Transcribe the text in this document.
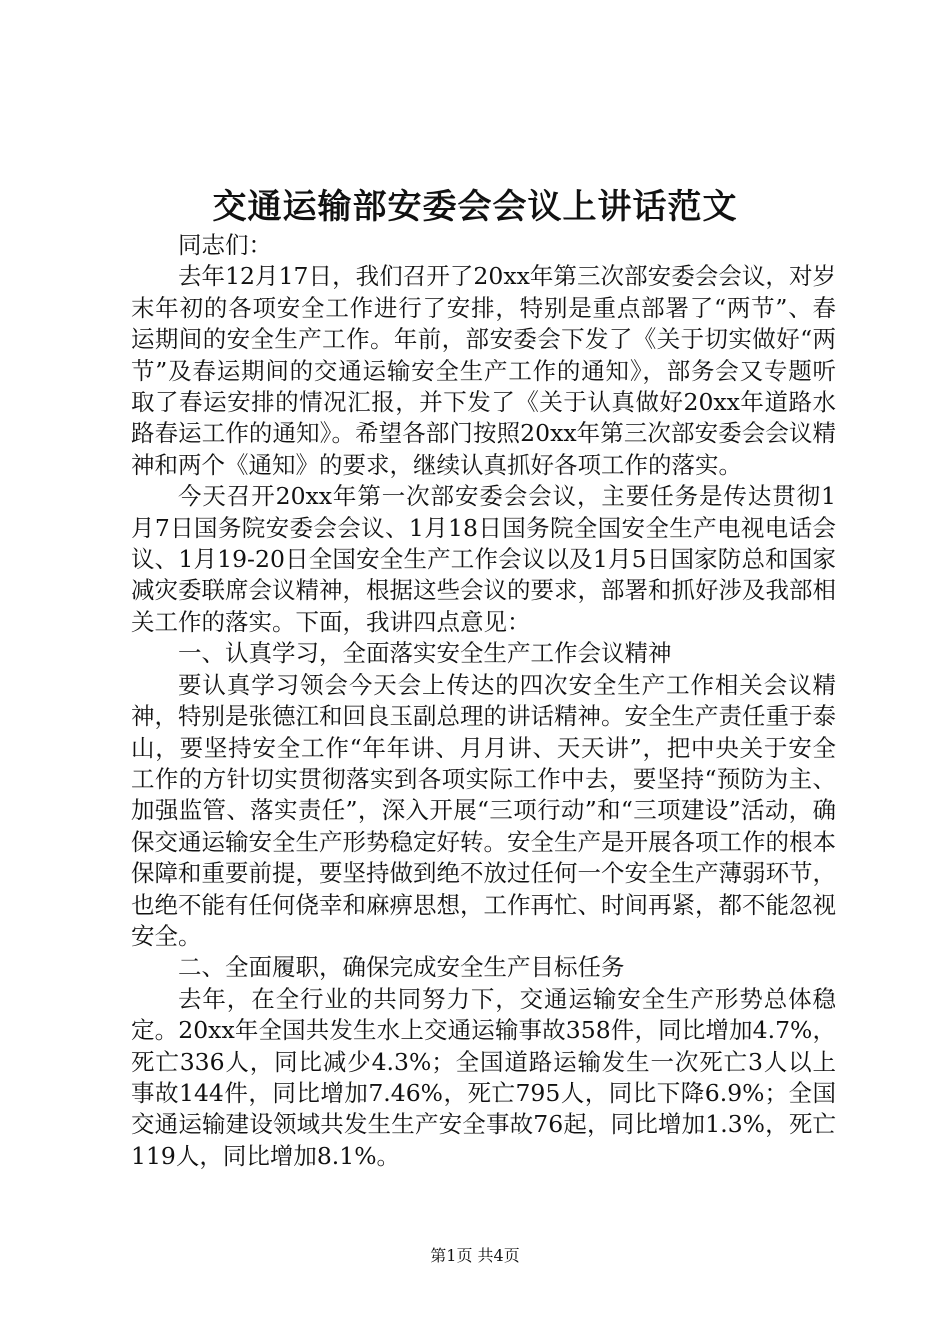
交通运输部安委会会议上讲话范文

同志们：

去年12月17日，我们召开了20xx年第三次部安委会会议，对岁末年初的各项安全工作进行了安排，特别是重点部署了“两节”、春运期间的安全生产工作。年前，部安委会下发了《关于切实做好“两节”及春运期间的交通运输安全生产工作的通知》，部务会又专题听取了春运安排的情况汇报，并下发了《关于认真做好20xx年道路水路春运工作的通知》。希望各部门按照20xx年第三次部安委会会议精神和两个《通知》的要求，继续认真抓好各项工作的落实。

今天召开20xx年第一次部安委会会议，主要任务是传达贯彻1月7日国务院安委会会议、1月18日国务院全国安全生产电视电话会议、1月19-20日全国安全生产工作会议以及1月5日国家防总和国家减灾委联席会议精神，根据这些会议的要求，部署和抓好涉及我部相关工作的落实。下面，我讲四点意见：

一、认真学习，全面落实安全生产工作会议精神

要认真学习领会今天会上传达的四次安全生产工作相关会议精神，特别是张德江和回良玉副总理的讲话精神。安全生产责任重于泰山，要坚持安全工作“年年讲、月月讲、天天讲”，把中央关于安全工作的方针切实贯彻落实到各项实际工作中去，要坚持“预防为主、加强监管、落实责任”，深入开展“三项行动”和“三项建设”活动，确保交通运输安全生产形势稳定好转。安全生产是开展各项工作的根本保障和重要前提，要坚持做到绝不放过任何一个安全生产薄弱环节，也绝不能有任何侥幸和麻痹思想，工作再忙、时间再紧，都不能忽视安全。

二、全面履职，确保完成安全生产目标任务

去年，在全行业的共同努力下，交通运输安全生产形势总体稳定。20xx年全国共发生水上交通运输事故358件，同比增加4.7%，死亡336人，同比减少4.3%；全国道路运输发生一次死亡3人以上事故144件，同比增加7.46%，死亡795人，同比下降6.9%；全国交通运输建设领域共发生生产安全事故76起，同比增加1.3%，死亡119人，同比增加8.1%。

第1页 共4页
